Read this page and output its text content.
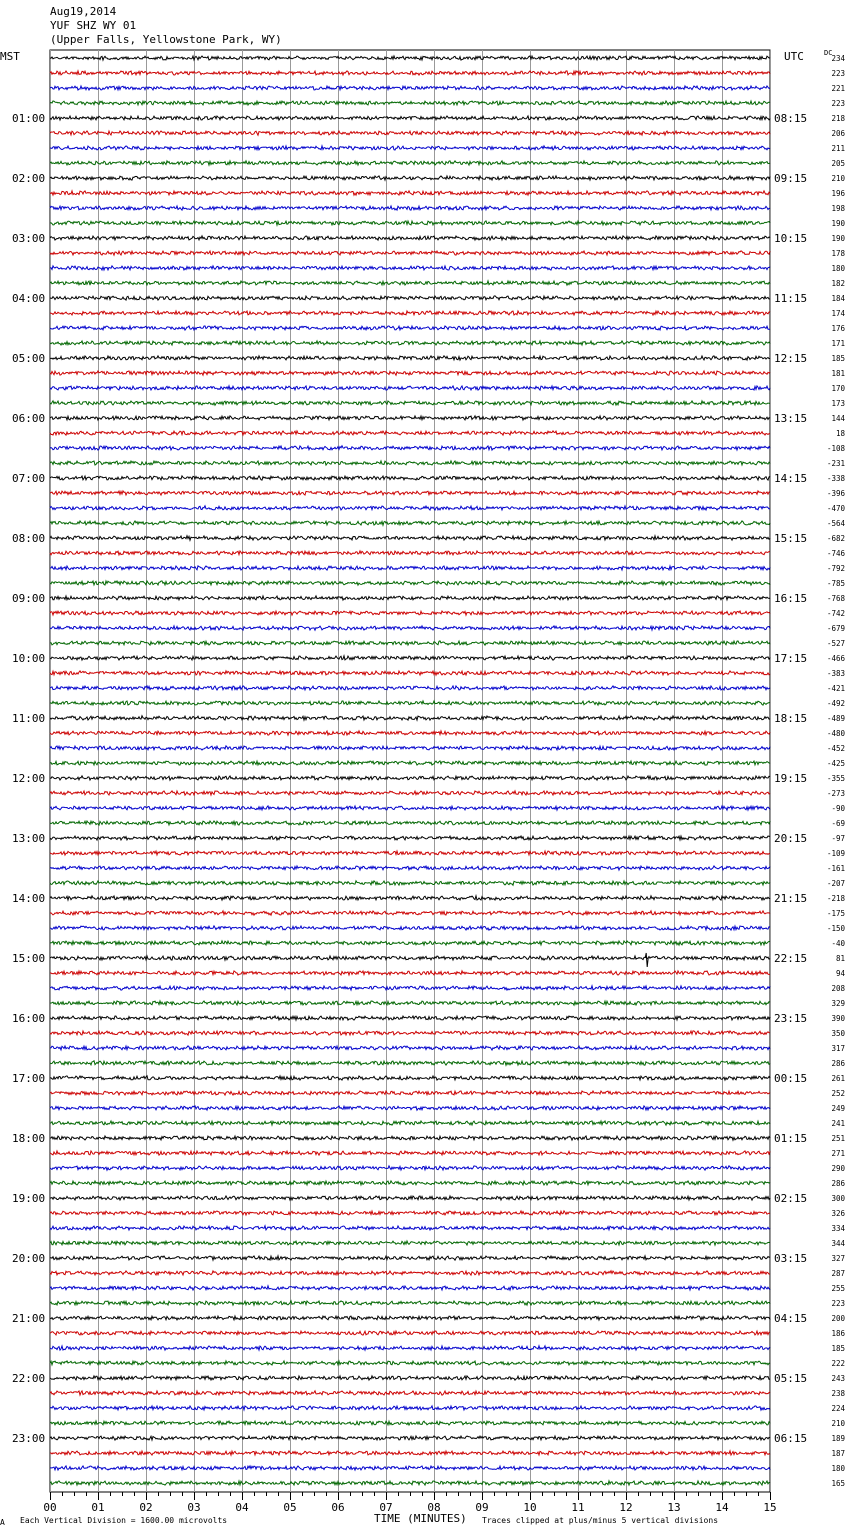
Aug19,2014
YUF SHZ WY 01
(Upper Falls, Yellowstone Park, WY)
MST	UTC	DC
00	01	02	03	04	05	06	07	08	09	10	11	12	13	14	15
234
223
221
223
218
206
211
205
210
196
198
190
190
178
180
182
184
174
176
171
185
181
170
173
144
18
-108
-231
-338
-396
-470
-564
-682
-746
-792
-785
-768
-742
-679
-527
-466
-383
-421
-492
-489
-480
-452
-425
-355
-273
-90
-69
-97
-109
-161
-207
-218
-175
-150
-40
81
94
208
329
390
350
317
286
261
252
249
241
251
271
290
286
300
326
334
344
327
287
255
223
200
186
185
222
243
238
224
210
189
187
180
165
01:00	08:15
02:00	09:15
03:00	10:15
04:00	11:15
05:00	12:15
06:00	13:15
07:00	14:15
08:00	15:15
09:00	16:15
10:00	17:15
11:00	18:15
12:00	19:15
13:00	20:15
14:00	21:15
15:00	22:15
16:00	23:15
17:00	00:15
18:00	01:15
19:00	02:15
20:00	03:15
21:00	04:15
22:00	05:15
23:00	06:15
A Each Vertical Division = 1600.00 microvolts	TIME (MINUTES) Traces clipped at plus/minus 5 vertical divisions
